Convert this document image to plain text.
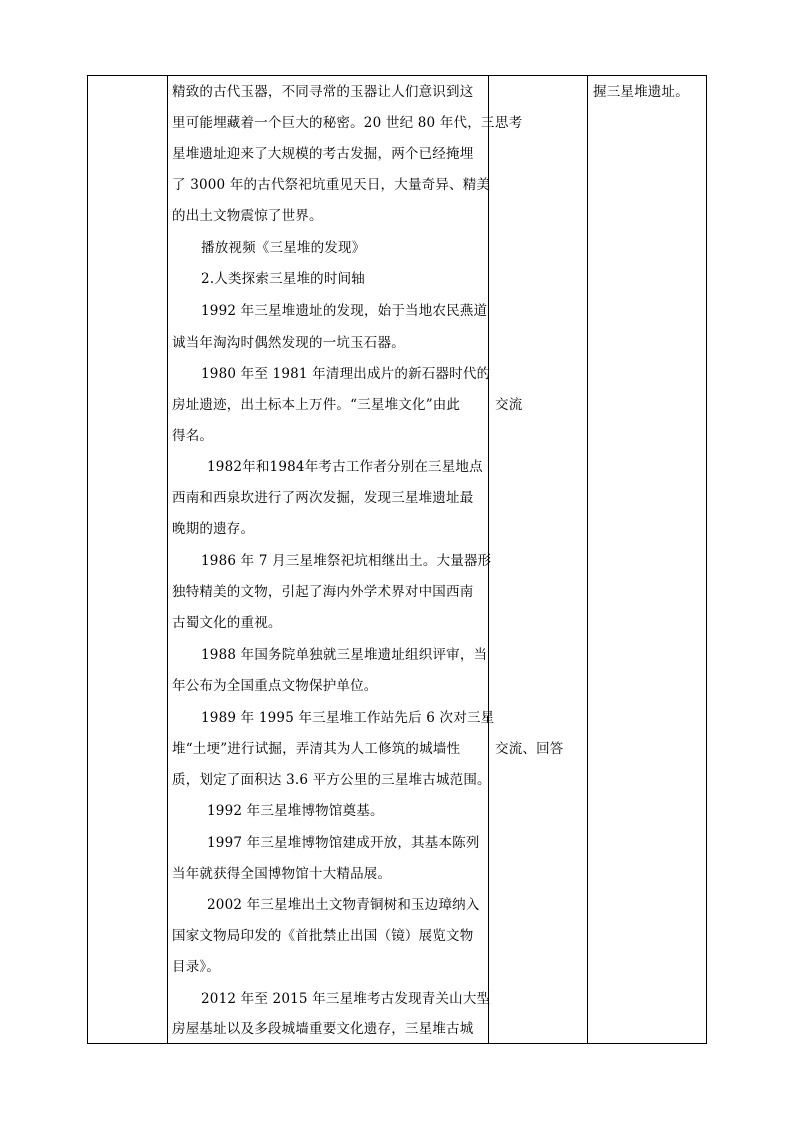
精致的古代玉器，不同寻常的玉器让人们意识到这
里可能埋藏着一个巨大的秘密。20 世纪 80 年代，三
星堆遗址迎来了大规模的考古发掘，两个已经掩埋
了 3000 年的古代祭祀坑重见天日，大量奇异、精美
的出土文物震惊了世界。
播放视频《三星堆的发现》
2.人类探索三星堆的时间轴
1992 年三星堆遗址的发现，始于当地农民燕道
诚当年淘沟时偶然发现的一坑玉石器。
1980 年至 1981 年清理出成片的新石器时代的
房址遗迹，出土标本上万件。“三星堆文化”由此
得名。
1982年和1984年考古工作者分别在三星地点
西南和西泉坎进行了两次发掘，发现三星堆遗址最
晚期的遗存。
1986 年 7 月三星堆祭祀坑相继出土。大量器形
独特精美的文物，引起了海内外学术界对中国西南
古蜀文化的重视。
1988 年国务院单独就三星堆遗址组织评审，当
年公布为全国重点文物保护单位。
1989 年 1995 年三星堆工作站先后 6 次对三星
堆“土埂”进行试掘，弄清其为人工修筑的城墙性
质，划定了面积达 3.6 平方公里的三星堆古城范围。
1992 年三星堆博物馆奠基。
1997 年三星堆博物馆建成开放，其基本陈列
当年就获得全国博物馆十大精品展。
2002 年三星堆出土文物青铜树和玉边璋纳入
国家文物局印发的《首批禁止出国（镜）展览文物
目录》。
2012 年至 2015 年三星堆考古发现青关山大型
房屋基址以及多段城墙重要文化遗存，三星堆古城
思考
交流
交流、回答
握三星堆遗址。
